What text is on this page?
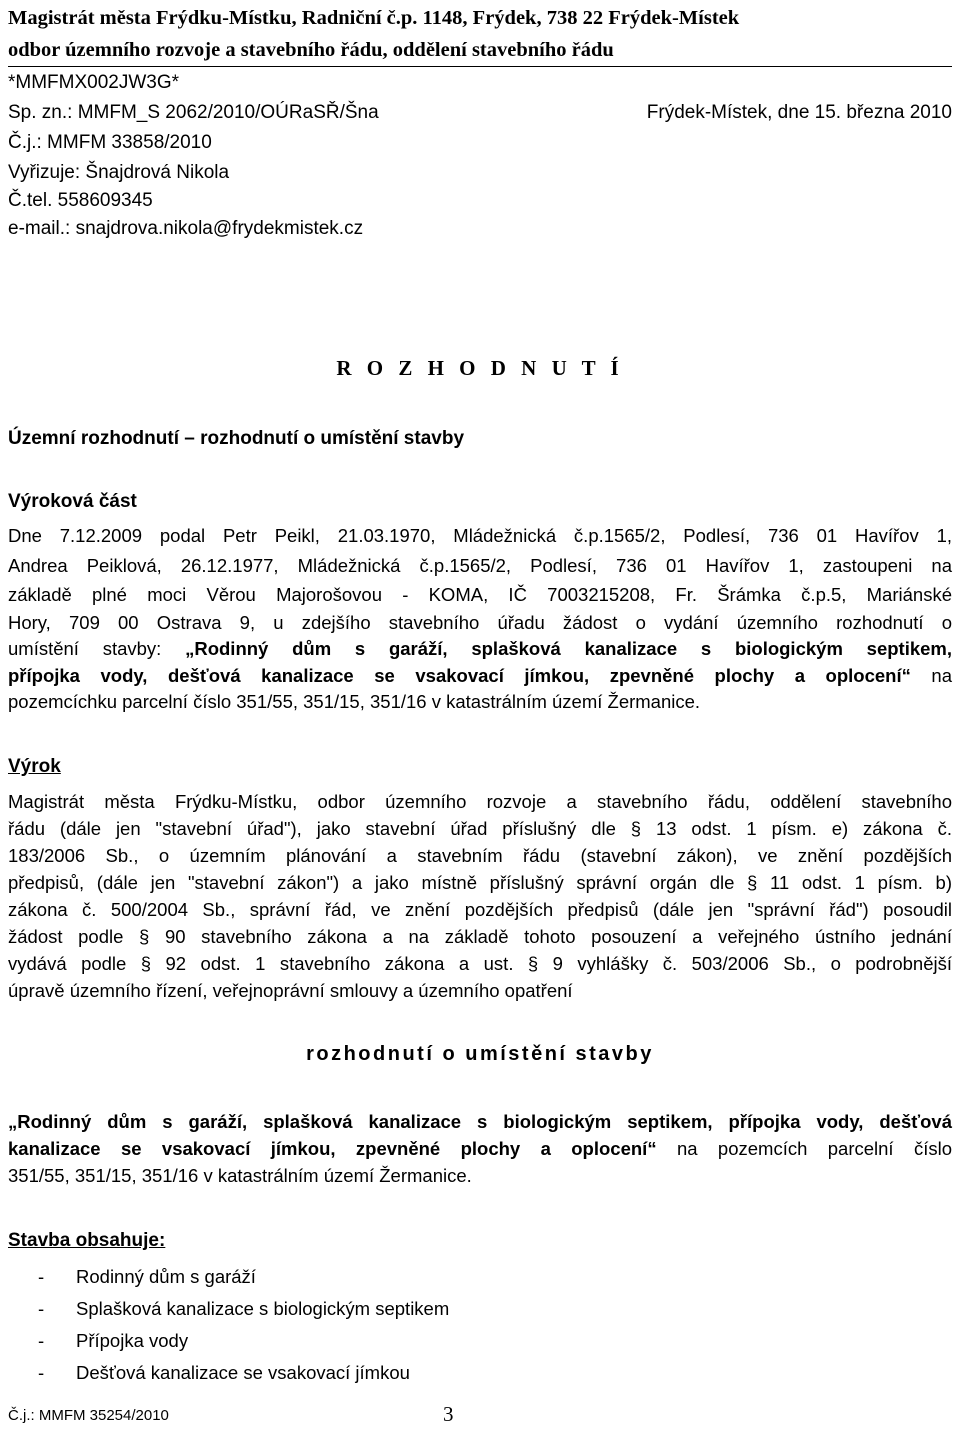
Magistrát města Frýdku-Místku, Radniční č.p. 1148, Frýdek, 738 22 Frýdek-Místek
odbor územního rozvoje a stavebního řádu, oddělení stavebního řádu
*MMFMX002JW3G*
Sp. zn.: MMFM_S 2062/2010/OÚRaSŘ/Šna	Frýdek-Místek, dne 15. března 2010
Č.j.: MMFM 33858/2010
Vyřizuje: Šnajdrová Nikola
Č.tel. 558609345
e-mail.: snajdrova.nikola@frydekmistek.cz
R O Z H O D N U T Í
Územní rozhodnutí – rozhodnutí o umístění stavby
Výroková část
Dne 7.12.2009 podal Petr Peikl, 21.03.1970, Mládežnická č.p.1565/2, Podlesí, 736 01 Havířov 1,
Andrea Peiklová, 26.12.1977, Mládežnická č.p.1565/2, Podlesí, 736 01 Havířov 1, zastoupeni na
základě plné moci Věrou Majorošovou - KOMA, IČ 7003215208, Fr. Šrámka č.p.5, Mariánské
Hory, 709 00 Ostrava 9, u zdejšího stavebního úřadu žádost o vydání územního rozhodnutí o
umístění stavby: „Rodinný dům s garáží, splašková kanalizace s biologickým septikem,
přípojka vody, dešťová kanalizace se vsakovací jímkou, zpevněné plochy a oplocení“ na
pozemcíchku parcelní číslo 351/55, 351/15, 351/16 v katastrálním území Žermanice.
Výrok
Magistrát města Frýdku-Místku, odbor územního rozvoje a stavebního řádu, oddělení stavebního
řádu (dále jen "stavební úřad"), jako stavební úřad příslušný dle § 13 odst. 1 písm. e) zákona č.
183/2006 Sb., o územním plánování a stavebním řádu (stavební zákon), ve znění pozdějších
předpisů, (dále jen "stavební zákon") a jako místně příslušný správní orgán dle § 11 odst. 1 písm. b)
zákona č. 500/2004 Sb., správní řád, ve znění pozdějších předpisů (dále jen "správní řád") posoudil
žádost podle § 90 stavebního zákona a na základě tohoto posouzení a veřejného ústního jednání
vydává podle § 92 odst. 1 stavebního zákona a ust. § 9 vyhlášky č. 503/2006 Sb., o podrobnější
úpravě územního řízení, veřejnoprávní smlouvy a územního opatření
rozhodnutí o umístění stavby
„Rodinný dům s garáží, splašková kanalizace s biologickým septikem, přípojka vody, dešťová
kanalizace se vsakovací jímkou, zpevněné plochy a oplocení“ na pozemcích parcelní číslo
351/55, 351/15, 351/16 v katastrálním území Žermanice.
Stavba obsahuje:
- Rodinný dům s garáží
- Splašková kanalizace s biologickým septikem
- Přípojka vody
- Dešťová kanalizace se vsakovací jímkou
Č.j.: MMFM 35254/2010	3
